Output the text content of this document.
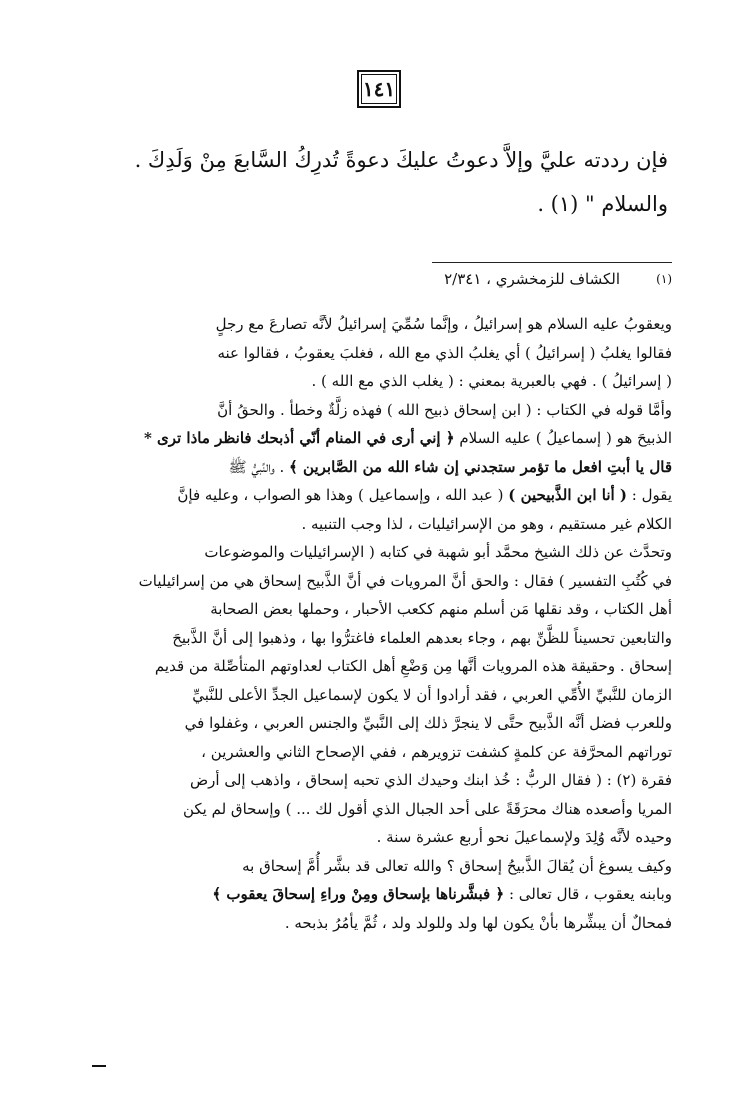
١٤١
فإن رددته عليَّ وإلاَّ دعوتُ عليكَ دعوةً تُدرِكُ السَّابعَ مِنْ وَلَدِكَ .
والسلام " (١) .
(١)
الكشاف للزمخشري ، ٢/٣٤١

ويعقوبُ عليه السلام هو إسرائيلُ ، وإنَّما سُمِّيَ إسرائيلُ لأنَّه تصارعَ مع رجلٍ

فقالوا يغلبُ ( إسرائيلُ ) أي يغلبُ الذي مع الله ، فغلبَ يعقوبُ ، فقالوا عنه

( إسرائيلُ ) . فهي بالعبرية بمعني : ( يغلب الذي مع الله ) .

وأمَّا قوله في الكتاب : ( ابن إسحاق ذبيح الله ) فهذه زلَّةٌ وخطأ . والحقُ أنَّ

الذبيحَ هو ( إسماعيلُ ) عليه السلام ﴿ إني أرى في المنام أنّي أذبحك فانظر ماذا ترى *

قال يا أبتِ افعل ما تؤمر ستجدني إن شاء الله من الصَّابرين ﴾ . والنَّبيُّ ﷺ

يقول : ( أنا ابن الذَّبيحين ) ( عبد الله ، وإسماعيل ) وهذا هو الصواب ، وعليه فإنَّ

الكلام غير مستقيم ، وهو من الإسرائيليات ، لذا وجب التنبيه .

وتحدَّث عن ذلك الشيخ محمَّد أبو شهبة في كتابه ( الإسرائيليات والموضوعات

في كُتُبِ التفسير ) فقال : والحق أنَّ المرويات في أنَّ الذَّبيح إسحاق هي من إسرائيليات

أهل الكتاب ، وقد نقلها مَن أسلم منهم ككعب الأحبار ، وحملها بعض الصحابة

والتابعين تحسيناً للظَّنِّ بهم ، وجاء بعدهم العلماء فاغترُّوا بها ، وذهبوا إلى أنَّ الذَّبيحَ

إسحاق . وحقيقة هذه المرويات أنَّها مِن وَضْعِ أهل الكتاب لعداوتهم المتأصِّلة من قديم

الزمان للنَّبيِّ الأُمِّي العربي ، فقد أرادوا أن لا يكون لإسماعيل الجدِّ الأعلى للنَّبيِّ

وللعرب فضل أنَّه الذَّبيح حتَّى لا ينجرَّ ذلك إلى النَّبيِّ والجنس العربي ، وغفلوا في

توراتهم المحرَّفة عن كلمةٍ كشفت تزويرهم ، ففي الإصحاح الثاني والعشرين ،

فقرة (٢) : ( فقال الربُّ : خُذ ابنك وحيدك الذي تحبه إسحاق ، واذهب إلى أرض

المريا وأصعده هناك محرَقَةً على أحد الجبال الذي أقول لك ... ) وإسحاق لم يكن

وحيده لأنَّه وُلِدَ ولإسماعيلَ نحو أربع عشرة سنة .

وكيف يسوغ أن يُقالَ الذَّبيحُ إسحاق ؟ والله تعالى قد بشَّر أُمَّ إسحاق به

وبابنه يعقوب ، قال تعالى : ﴿ فبشَّرناها بإسحاق ومِنْ وراءِ إسحاقَ يعقوب ﴾

فمحالٌ أن يبشِّرها بأنْ يكون لها ولد وللولد ولد ، ثُمَّ يأمُرُ بذبحه .
